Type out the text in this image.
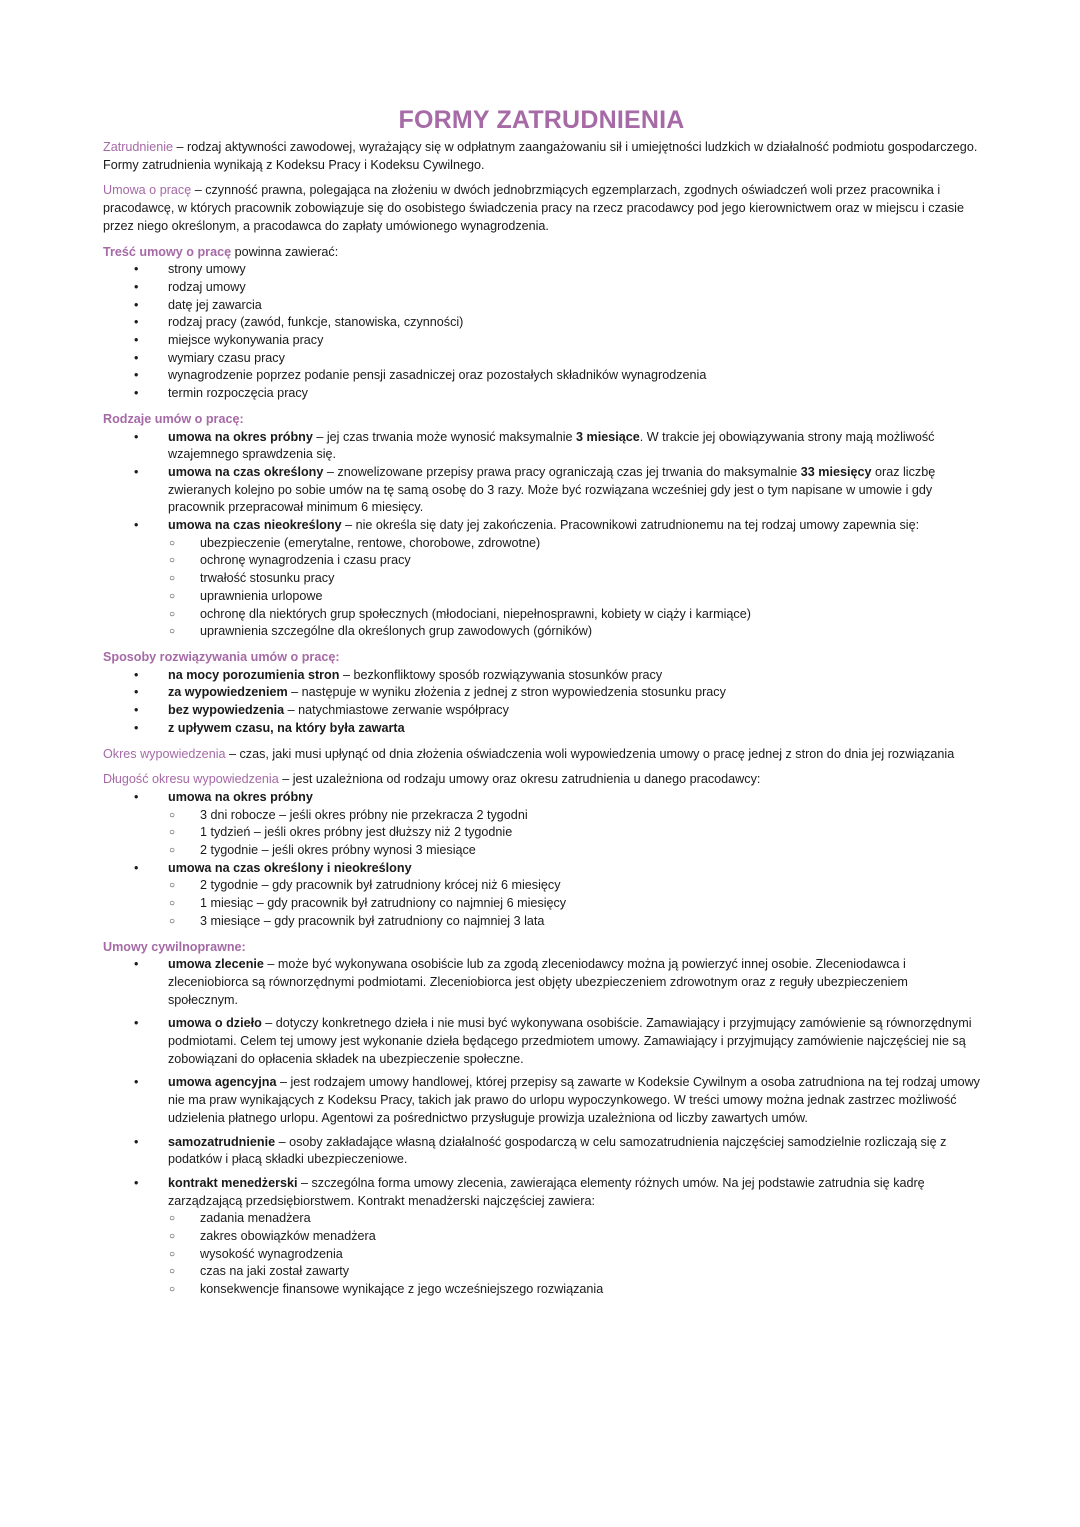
FORMY ZATRUDNIENIA

Zatrudnienie – rodzaj aktywności zawodowej, wyrażający się w odpłatnym zaangażowaniu sił i umiejętności ludzkich w działalność podmiotu gospodarczego. Formy zatrudnienia wynikają z Kodeksu Pracy i Kodeksu Cywilnego.

Umowa o pracę – czynność prawna, polegająca na złożeniu w dwóch jednobrzmiących egzemplarzach, zgodnych oświadczeń woli przez pracownika i pracodawcę, w których pracownik zobowiązuje się do osobistego świadczenia pracy na rzecz pracodawcy pod jego kierownictwem oraz w miejscu i czasie przez niego określonym, a pracodawca do zapłaty umówionego wynagrodzenia.

Treść umowy o pracę powinna zawierać:

• strony umowy
• rodzaj umowy
• datę jej zawarcia
• rodzaj pracy (zawód, funkcje, stanowiska, czynności)
• miejsce wykonywania pracy
• wymiary czasu pracy
• wynagrodzenie poprzez podanie pensji zasadniczej oraz pozostałych składników wynagrodzenia
• termin rozpoczęcia pracy

Rodzaje umów o pracę:

• umowa na okres próbny – jej czas trwania może wynosić maksymalnie 3 miesiące. W trakcie jej obowiązywania strony mają możliwość wzajemnego sprawdzenia się.
• umowa na czas określony – znowelizowane przepisy prawa pracy ograniczają czas jej trwania do maksymalnie 33 miesięcy oraz liczbę zwieranych kolejno po sobie umów na tę samą osobę do 3 razy. Może być rozwiązana wcześniej gdy jest o tym napisane w umowie i gdy pracownik przepracował minimum 6 miesięcy.
• umowa na czas nieokreślony – nie określa się daty jej zakończenia. Pracownikowi zatrudnionemu na tej rodzaj umowy zapewnia się:
○ ubezpieczenie (emerytalne, rentowe, chorobowe, zdrowotne)
○ ochronę wynagrodzenia i czasu pracy
○ trwałość stosunku pracy
○ uprawnienia urlopowe
○ ochronę dla niektórych grup społecznych (młodociani, niepełnosprawni, kobiety w ciąży i karmiące)
○ uprawnienia szczególne dla określonych grup zawodowych (górników)

Sposoby rozwiązywania umów o pracę:

• na mocy porozumienia stron – bezkonfliktowy sposób rozwiązywania stosunków pracy
• za wypowiedzeniem – następuje w wyniku złożenia z jednej z stron wypowiedzenia stosunku pracy
• bez wypowiedzenia – natychmiastowe zerwanie współpracy
• z upływem czasu, na który była zawarta

Okres wypowiedzenia – czas, jaki musi upłynąć od dnia złożenia oświadczenia woli wypowiedzenia umowy o pracę jednej z stron do dnia jej rozwiązania

Długość okresu wypowiedzenia – jest uzależniona od rodzaju umowy oraz okresu zatrudnienia u danego pracodawcy:

• umowa na okres próbny
○ 3 dni robocze – jeśli okres próbny nie przekracza 2 tygodni
○ 1 tydzień – jeśli okres próbny jest dłuższy niż 2 tygodnie
○ 2 tygodnie – jeśli okres próbny wynosi 3 miesiące
• umowa na czas określony i nieokreślony
○ 2 tygodnie – gdy pracownik był zatrudniony krócej niż 6 miesięcy
○ 1 miesiąc – gdy pracownik był zatrudniony co najmniej 6 miesięcy
○ 3 miesiące – gdy pracownik był zatrudniony co najmniej 3 lata

Umowy cywilnoprawne:

• umowa zlecenie – może być wykonywana osobiście lub za zgodą zleceniodawcy można ją powierzyć innej osobie. Zleceniodawca i zleceniobiorca są równorzędnymi podmiotami. Zleceniobiorca jest objęty ubezpieczeniem zdrowotnym oraz z reguły ubezpieczeniem społecznym.
• umowa o dzieło – dotyczy konkretnego dzieła i nie musi być wykonywana osobiście. Zamawiający i przyjmujący zamówienie są równorzędnymi podmiotami. Celem tej umowy jest wykonanie dzieła będącego przedmiotem umowy. Zamawiający i przyjmujący zamówienie najczęściej nie są zobowiązani do opłacenia składek na ubezpieczenie społeczne.
• umowa agencyjna – jest rodzajem umowy handlowej, której przepisy są zawarte w Kodeksie Cywilnym a osoba zatrudniona na tej rodzaj umowy nie ma praw wynikających z Kodeksu Pracy, takich jak prawo do urlopu wypoczynkowego. W treści umowy można jednak zastrzec możliwość udzielenia płatnego urlopu. Agentowi za pośrednictwo przysługuje prowizja uzależniona od liczby zawartych umów.
• samozatrudnienie – osoby zakładające własną działalność gospodarczą w celu samozatrudnienia najczęściej samodzielnie rozliczają się z podatków i płacą składki ubezpieczeniowe.
• kontrakt menedżerski – szczególna forma umowy zlecenia, zawierająca elementy różnych umów. Na jej podstawie zatrudnia się kadrę zarządzającą przedsiębiorstwem. Kontrakt menadżerski najczęściej zawiera:
○ zadania menadżera
○ zakres obowiązków menadżera
○ wysokość wynagrodzenia
○ czas na jaki został zawarty
○ konsekwencje finansowe wynikające z jego wcześniejszego rozwiązania
